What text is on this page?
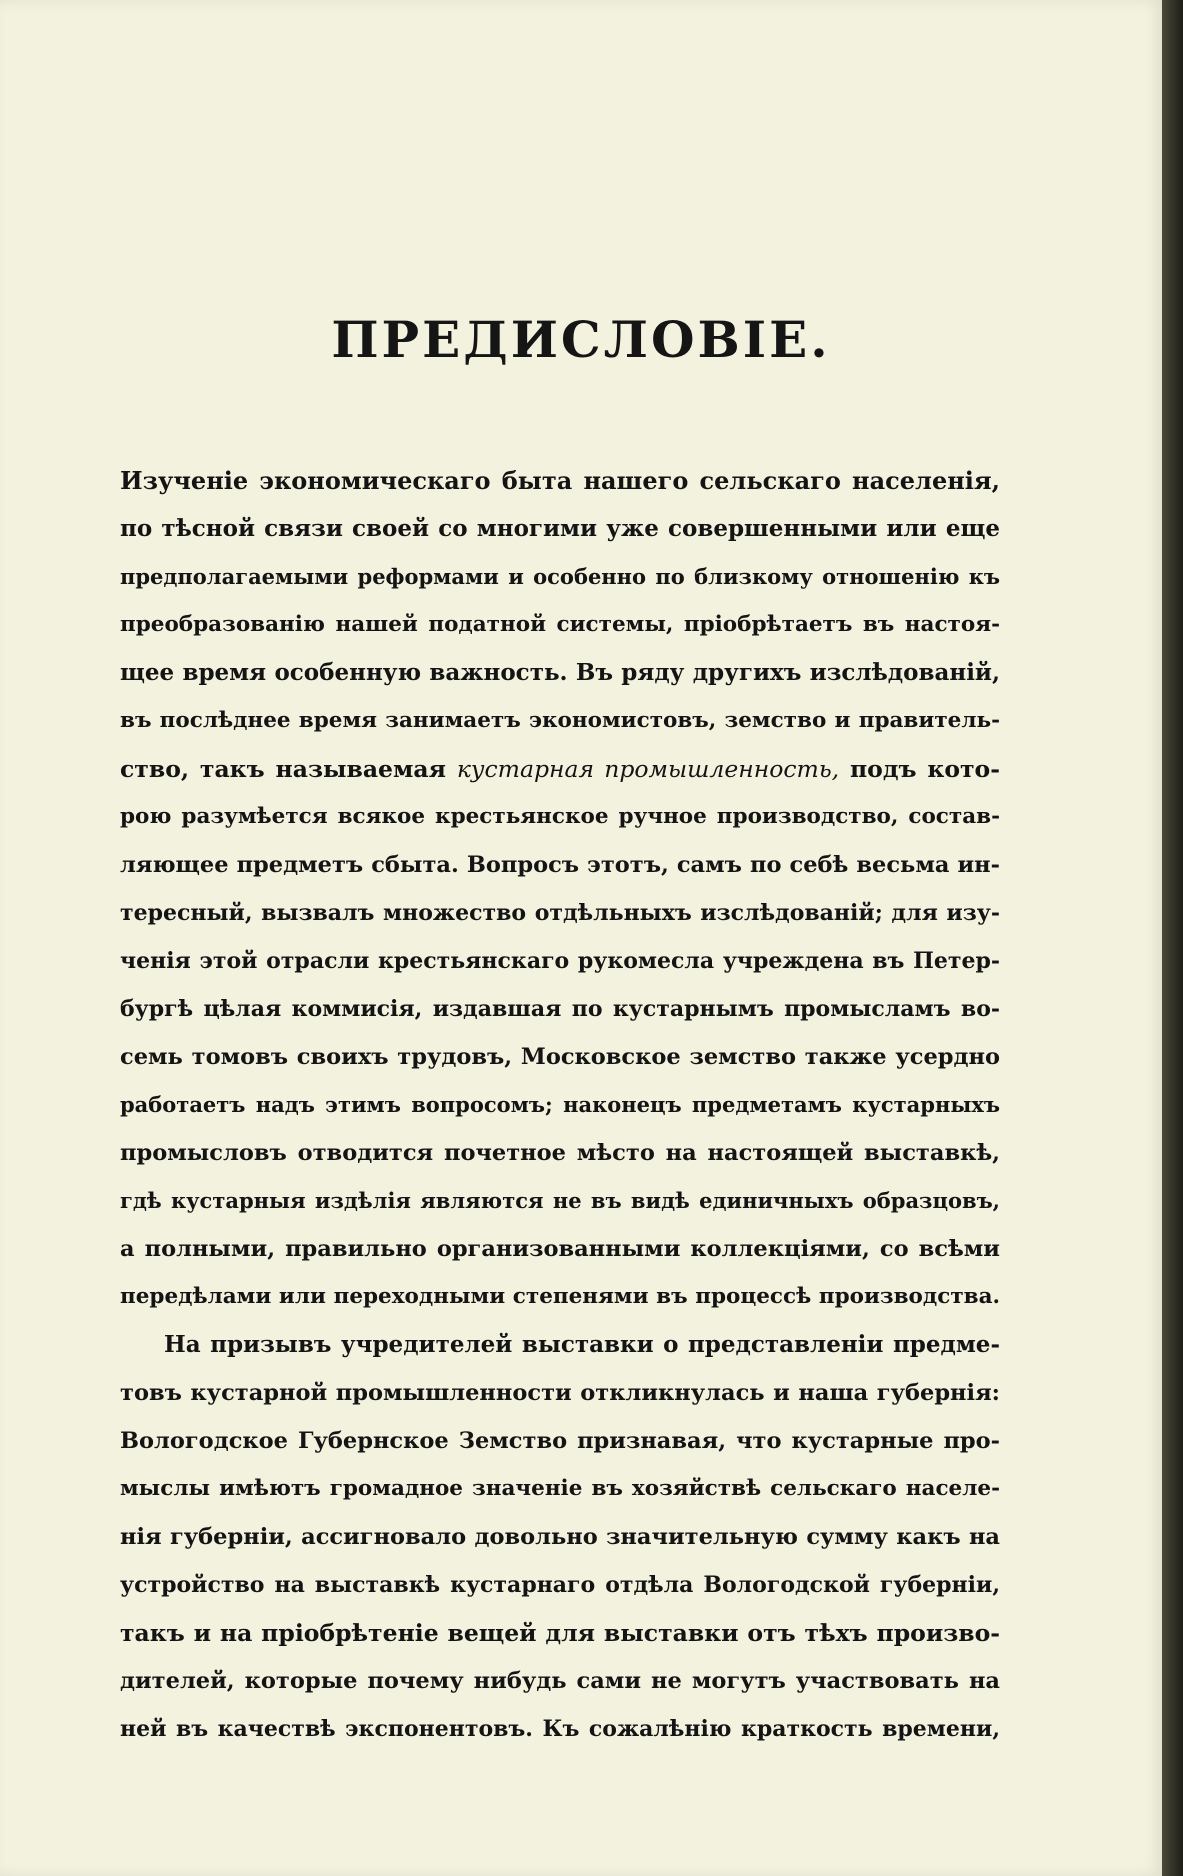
ПРЕДИСЛОВІЕ.
Изученіе экономическаго быта нашего сельскаго населенія,
по тѣсной связи своей со многими уже совершенными или еще
предполагаемыми реформами и особенно по близкому отношенію къ
преобразованію нашей податной системы, пріобрѣтаетъ въ настоя-
щее время особенную важность. Въ ряду другихъ изслѣдованій,
въ послѣднее время занимаетъ экономистовъ, земство и правитель-
ство, такъ называемая кустарная промышленность, подъ кото-
рою разумѣется всякое крестьянское ручное производство, состав-
ляющее предметъ сбыта. Вопросъ этотъ, самъ по себѣ весьма ин-
тересный, вызвалъ множество отдѣльныхъ изслѣдованій; для изу-
ченія этой отрасли крестьянскаго рукомесла учреждена въ Петер-
бургѣ цѣлая коммисія, издавшая по кустарнымъ промысламъ во-
семь томовъ своихъ трудовъ, Московское земство также усердно
работаетъ надъ этимъ вопросомъ; наконецъ предметамъ кустарныхъ
промысловъ отводится почетное мѣсто на настоящей выставкѣ,
гдѣ кустарныя издѣлія являются не въ видѣ единичныхъ образцовъ,
а полными, правильно организованными коллекціями, со всѣми
передѣлами или переходными степенями въ процессѣ производства.
На призывъ учредителей выставки о представленіи предме-
товъ кустарной промышленности откликнулась и наша губернія:
Вологодское Губернское Земство признавая, что кустарные про-
мыслы имѣютъ громадное значеніе въ хозяйствѣ сельскаго населе-
нія губерніи, ассигновало довольно значительную сумму какъ на
устройство на выставкѣ кустарнаго отдѣла Вологодской губерніи,
такъ и на пріобрѣтеніе вещей для выставки отъ тѣхъ произво-
дителей, которые почему нибудь сами не могутъ участвовать на
ней въ качествѣ экспонентовъ. Къ сожалѣнію краткость времени,
